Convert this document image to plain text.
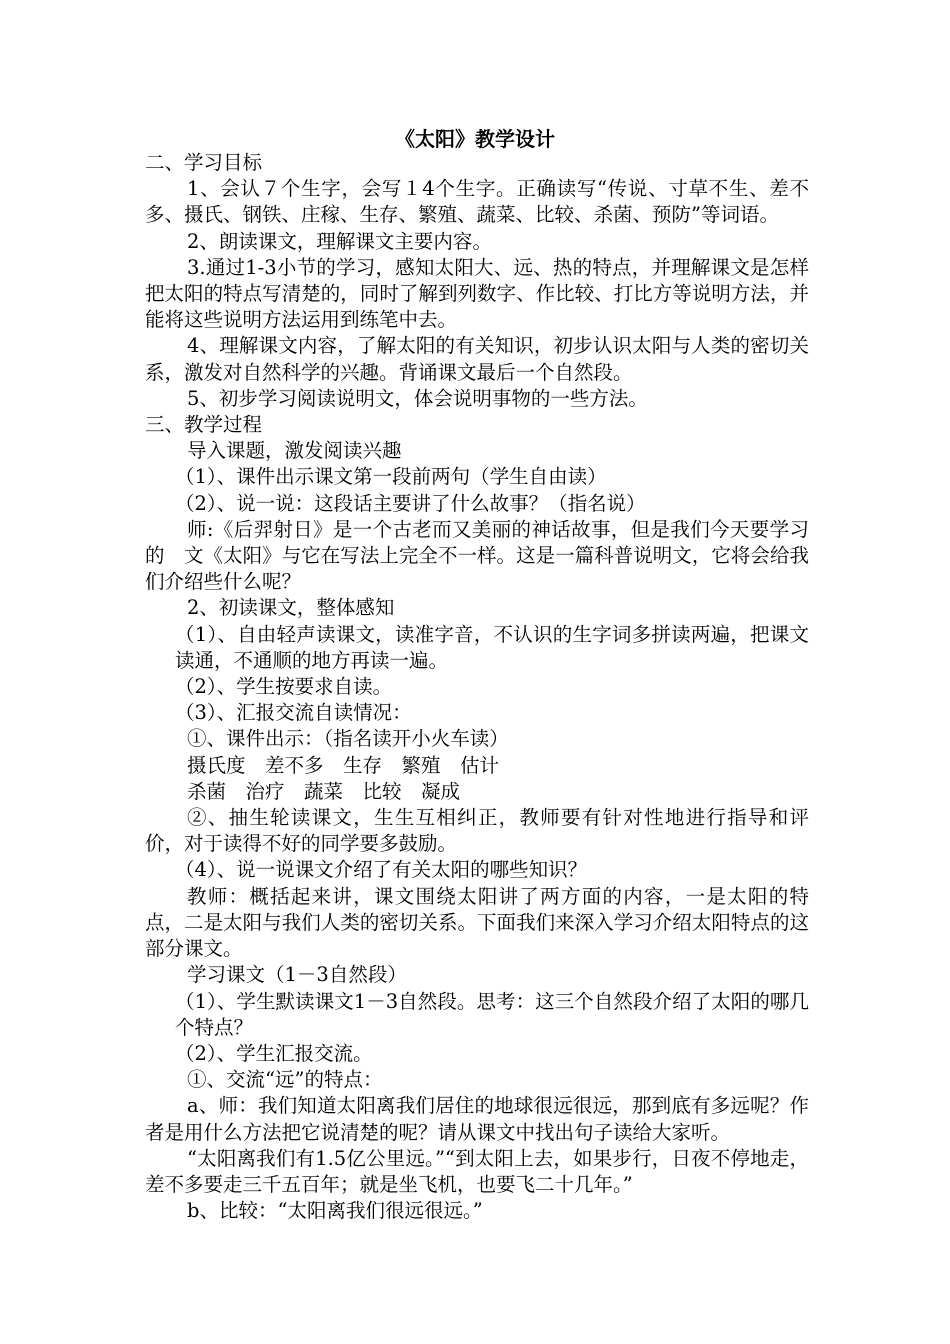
《太阳》教学设计

二、学习目标

1、会认７个生字，会写１4个生字。正确读写“传说、寸草不生、差不多、摄氏、钢铁、庄稼、生存、繁殖、蔬菜、比较、杀菌、预防”等词语。

2、朗读课文，理解课文主要内容。

3.通过1-3小节的学习，感知太阳大、远、热的特点，并理解课文是怎样把太阳的特点写清楚的，同时了解到列数字、作比较、打比方等说明方法，并能将这些说明方法运用到练笔中去。

4、理解课文内容，了解太阳的有关知识，初步认识太阳与人类的密切关系，激发对自然科学的兴趣。背诵课文最后一个自然段。

5、初步学习阅读说明文，体会说明事物的一些方法。

三、教学过程

导入课题，激发阅读兴趣

（1）、课件出示课文第一段前两句（学生自由读）

（2）、说一说：这段话主要讲了什么故事？（指名说）

师:《后羿射日》是一个古老而又美丽的神话故事，但是我们今天要学习的　文《太阳》与它在写法上完全不一样。这是一篇科普说明文，它将会给我们介绍些什么呢？

2、初读课文，整体感知

（1）、自由轻声读课文，读准字音，不认识的生字词多拼读两遍，把课文读通，不通顺的地方再读一遍。

（2）、学生按要求自读。

（3）、汇报交流自读情况：

①、课件出示：（指名读开小火车读）

摄氏度　差不多　生存　繁殖　估计

杀菌　治疗　蔬菜　比较　凝成

②、抽生轮读课文，生生互相纠正，教师要有针对性地进行指导和评价，对于读得不好的同学要多鼓励。

（4）、说一说课文介绍了有关太阳的哪些知识？

教师：概括起来讲，课文围绕太阳讲了两方面的内容，一是太阳的特点，二是太阳与我们人类的密切关系。下面我们来深入学习介绍太阳特点的这部分课文。

学习课文（1－3自然段）

（1）、学生默读课文1－3自然段。思考：这三个自然段介绍了太阳的哪几个特点？

（2）、学生汇报交流。

①、交流“远”的特点：

a、师：我们知道太阳离我们居住的地球很远很远，那到底有多远呢？作者是用什么方法把它说清楚的呢？请从课文中找出句子读给大家听。

“太阳离我们有1.5亿公里远。”“到太阳上去，如果步行，日夜不停地走，差不多要走三千五百年；就是坐飞机，也要飞二十几年。”

b、比较：“太阳离我们很远很远。”
